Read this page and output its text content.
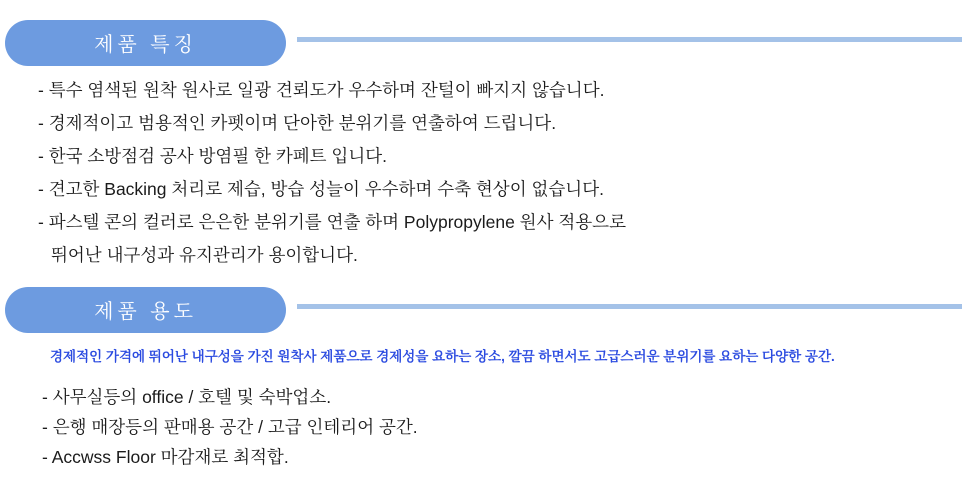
제품 특징
- 특수 염색된 원착 원사로 일광 견뢰도가 우수하며 잔털이 빠지지 않습니다.
- 경제적이고 범용적인 카펫이며 단아한 분위기를 연출하여 드립니다.
- 한국 소방점검 공사 방염필 한 카페트 입니다.
- 견고한 Backing 처리로 제습, 방습 성늘이 우수하며 수축 현상이 없습니다.
- 파스텔 콘의 컬러로 은은한 분위기를 연출 하며 Polypropylene 원사 적용으로
뛰어난 내구성과 유지관리가 용이합니다.
제품 용도
경제적인 가격에 뛰어난 내구성을 가진 원착사 제품으로 경제성을 요하는 장소, 깔끔 하면서도 고급스러운 분위기를 요하는 다양한 공간.
- 사무실등의 office / 호텔 및 숙박업소.
- 은행 매장등의 판매용 공간 / 고급 인테리어 공간.
- Accwss Floor 마감재로 최적합.
